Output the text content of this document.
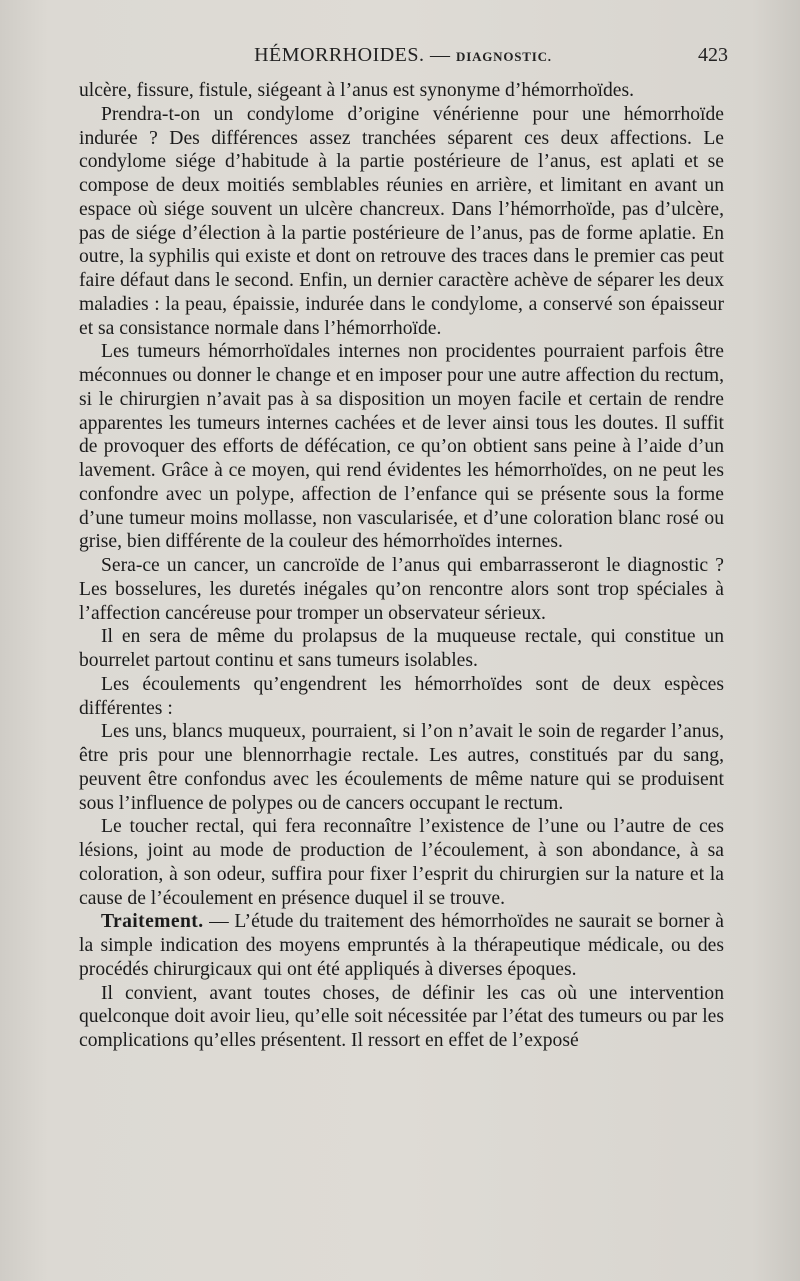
HÉMORRHOIDES. — DIAGNOSTIC.	423

ulcère, fissure, fistule, siégeant à l’anus est synonyme d’hémorrhoïdes.

Prendra-t-on un condylome d’origine vénérienne pour une hémorrhoïde indurée ? Des différences assez tranchées séparent ces deux affections. Le condylome siége d’habitude à la partie postérieure de l’anus, est aplati et se compose de deux moitiés semblables réunies en arrière, et limitant en avant un espace où siége souvent un ulcère chancreux. Dans l’hémorrhoïde, pas d’ulcère, pas de siége d’élection à la partie postérieure de l’anus, pas de forme aplatie. En outre, la syphilis qui existe et dont on retrouve des traces dans le premier cas peut faire défaut dans le second. Enfin, un dernier caractère achève de séparer les deux maladies : la peau, épaissie, indurée dans le condylome, a conservé son épaisseur et sa consistance normale dans l’hémorrhoïde.

Les tumeurs hémorrhoïdales internes non procidentes pourraient parfois être méconnues ou donner le change et en imposer pour une autre affection du rectum, si le chirurgien n’avait pas à sa disposition un moyen facile et certain de rendre apparentes les tumeurs internes cachées et de lever ainsi tous les doutes. Il suffit de provoquer des efforts de défécation, ce qu’on obtient sans peine à l’aide d’un lavement. Grâce à ce moyen, qui rend évidentes les hémorrhoïdes, on ne peut les confondre avec un polype, affection de l’enfance qui se présente sous la forme d’une tumeur moins mollasse, non vascularisée, et d’une coloration blanc rosé ou grise, bien différente de la couleur des hémorrhoïdes internes.

Sera-ce un cancer, un cancroïde de l’anus qui embarrasseront le diagnostic ? Les bosselures, les duretés inégales qu’on rencontre alors sont trop spéciales à l’affection cancéreuse pour tromper un observateur sérieux.

Il en sera de même du prolapsus de la muqueuse rectale, qui constitue un bourrelet partout continu et sans tumeurs isolables.

Les écoulements qu’engendrent les hémorrhoïdes sont de deux espèces différentes :

Les uns, blancs muqueux, pourraient, si l’on n’avait le soin de regarder l’anus, être pris pour une blennorrhagie rectale. Les autres, constitués par du sang, peuvent être confondus avec les écoulements de même nature qui se produisent sous l’influence de polypes ou de cancers occupant le rectum.

Le toucher rectal, qui fera reconnaître l’existence de l’une ou l’autre de ces lésions, joint au mode de production de l’écoulement, à son abondance, à sa coloration, à son odeur, suffira pour fixer l’esprit du chirurgien sur la nature et la cause de l’écoulement en présence duquel il se trouve.

Traitement. — L’étude du traitement des hémorrhoïdes ne saurait se borner à la simple indication des moyens empruntés à la thérapeutique médicale, ou des procédés chirurgicaux qui ont été appliqués à diverses époques.

Il convient, avant toutes choses, de définir les cas où une intervention quelconque doit avoir lieu, qu’elle soit nécessitée par l’état des tumeurs ou par les complications qu’elles présentent. Il ressort en effet de l’exposé
